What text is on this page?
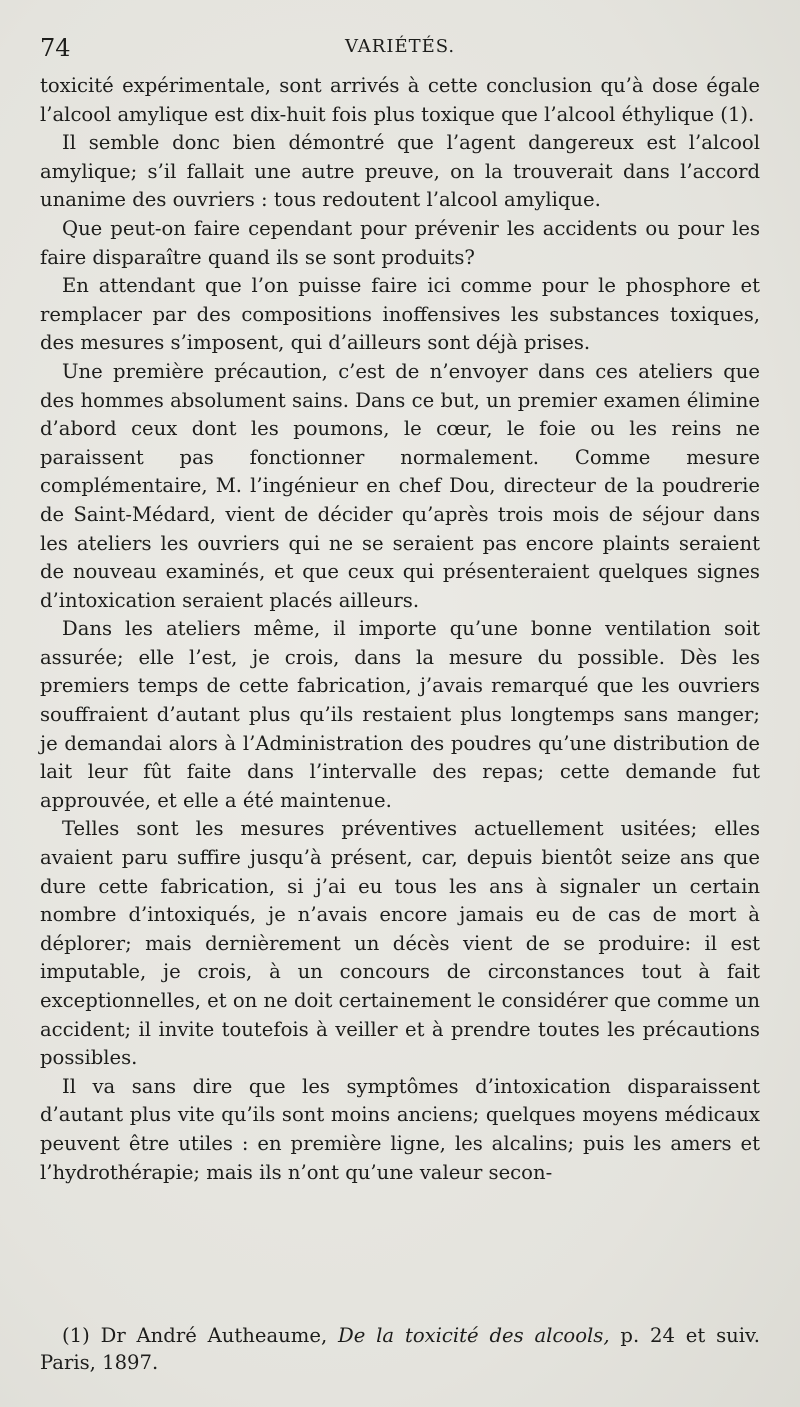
74	VARIÉTÉS.

toxicité expérimentale, sont arrivés à cette conclusion qu’à dose égale l’alcool amylique est dix-huit fois plus toxique que l’alcool éthylique (1).

Il semble donc bien démontré que l’agent dangereux est l’alcool amylique; s’il fallait une autre preuve, on la trouverait dans l’accord unanime des ouvriers : tous redoutent l’alcool amylique.

Que peut-on faire cependant pour prévenir les accidents ou pour les faire disparaître quand ils se sont produits?

En attendant que l’on puisse faire ici comme pour le phosphore et remplacer par des compositions inoffensives les substances toxiques, des mesures s’imposent, qui d’ailleurs sont déjà prises.

Une première précaution, c’est de n’envoyer dans ces ateliers que des hommes absolument sains. Dans ce but, un premier examen élimine d’abord ceux dont les poumons, le cœur, le foie ou les reins ne paraissent pas fonctionner normalement. Comme mesure complémentaire, M. l’ingénieur en chef Dou, directeur de la poudrerie de Saint-Médard, vient de décider qu’après trois mois de séjour dans les ateliers les ouvriers qui ne se seraient pas encore plaints seraient de nouveau examinés, et que ceux qui présenteraient quelques signes d’intoxication seraient placés ailleurs.

Dans les ateliers même, il importe qu’une bonne ventilation soit assurée; elle l’est, je crois, dans la mesure du possible. Dès les premiers temps de cette fabrication, j’avais remarqué que les ouvriers souffraient d’autant plus qu’ils restaient plus longtemps sans manger; je demandai alors à l’Administration des poudres qu’une distribution de lait leur fût faite dans l’intervalle des repas; cette demande fut approuvée, et elle a été maintenue.

Telles sont les mesures préventives actuellement usitées; elles avaient paru suffire jusqu’à présent, car, depuis bientôt seize ans que dure cette fabrication, si j’ai eu tous les ans à signaler un certain nombre d’intoxiqués, je n’avais encore jamais eu de cas de mort à déplorer; mais dernièrement un décès vient de se produire: il est imputable, je crois, à un concours de circonstances tout à fait exceptionnelles, et on ne doit certainement le considérer que comme un accident; il invite toutefois à veiller et à prendre toutes les précautions possibles.

Il va sans dire que les symptômes d’intoxication disparaissent d’autant plus vite qu’ils sont moins anciens; quelques moyens médicaux peuvent être utiles : en première ligne, les alcalins; puis les amers et l’hydrothérapie; mais ils n’ont qu’une valeur secon-

(1) Dr André Autheaume, De la toxicité des alcools, p. 24 et suiv. Paris, 1897.
